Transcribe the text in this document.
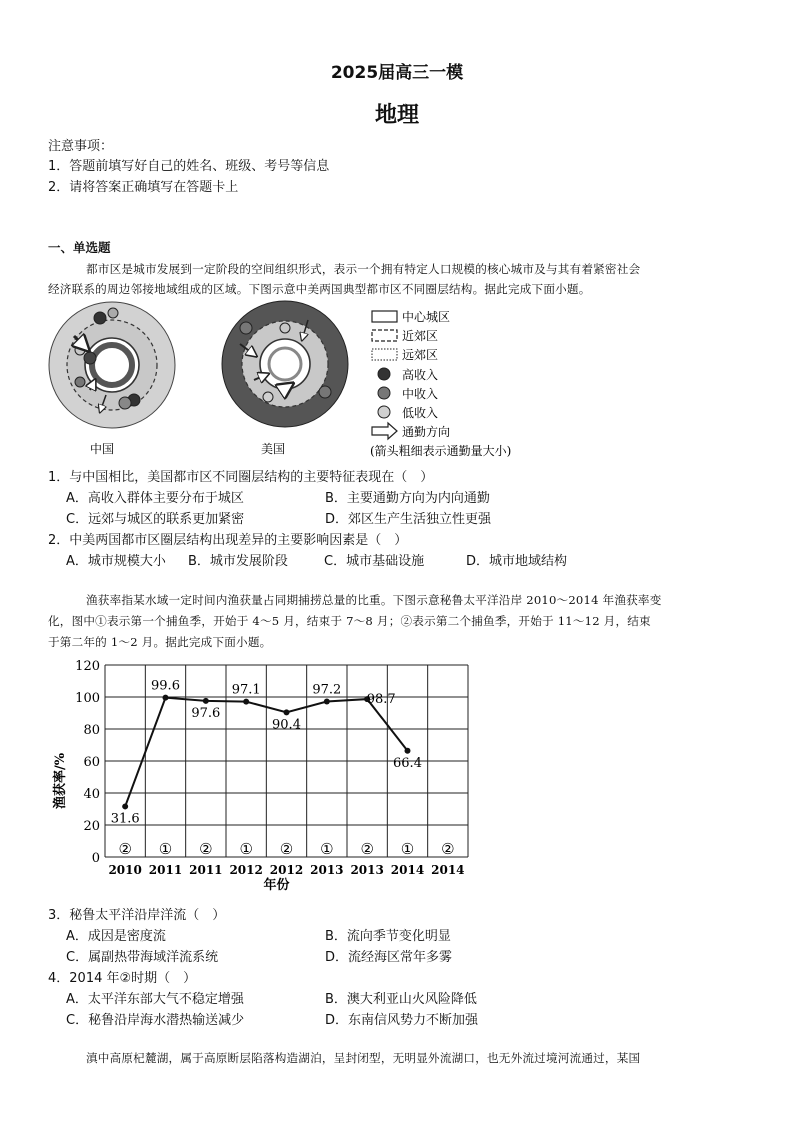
2025届高三一模
地理
注意事项：
1．答题前填写好自己的姓名、班级、考号等信息
2．请将答案正确填写在答题卡上
一、单选题
都市区是城市发展到一定阶段的空间组织形式，表示一个拥有特定人口规模的核心城市及与其有着紧密社会
经济联系的周边邻接地域组成的区域。下图示意中美两国典型都市区不同圈层结构。据此完成下面小题。
中国	美国
中心城区
近郊区
远郊区
高收入
中收入
低收入
通勤方向
(箭头粗细表示通勤量大小)
1．与中国相比，美国都市区不同圈层结构的主要特征表现在（　）
A．高收入群体主要分布于城区	B．主要通勤方向为内向通勤
C．远郊与城区的联系更加紧密	D．郊区生产生活独立性更强
2．中美两国都市区圈层结构出现差异的主要影响因素是（　）
A．城市规模大小 B．城市发展阶段	C．城市基础设施	D．城市地域结构
渔获率指某水域一定时间内渔获量占同期捕捞总量的比重。下图示意秘鲁太平洋沿岸 2010～2014 年渔获率变
化，图中①表示第一个捕鱼季，开始于 4～5 月，结束于 7～8 月；②表示第二个捕鱼季，开始于 11～12 月，结束
于第二年的 1～2 月。据此完成下面小题。
0
20
40
60
80
100
120
②
2010
①
2011
②
2011
①
2012
②
2012
①
2013
②
2013
①
2014
②
2014
31.6
99.6
97.6
97.1
90.4
97.2
98.7
66.4
渔获率/%
年份
3．秘鲁太平洋沿岸洋流（　）
A．成因是密度流	B．流向季节变化明显
C．属副热带海域洋流系统	D．流经海区常年多雾
4．2014 年②时期（　）
A．太平洋东部大气不稳定增强	B．澳大利亚山火风险降低
C．秘鲁沿岸海水潜热输送减少	D．东南信风势力不断加强
滇中高原杞麓湖，属于高原断层陷落构造湖泊，呈封闭型，无明显外流湖口，也无外流过境河流通过，某国
